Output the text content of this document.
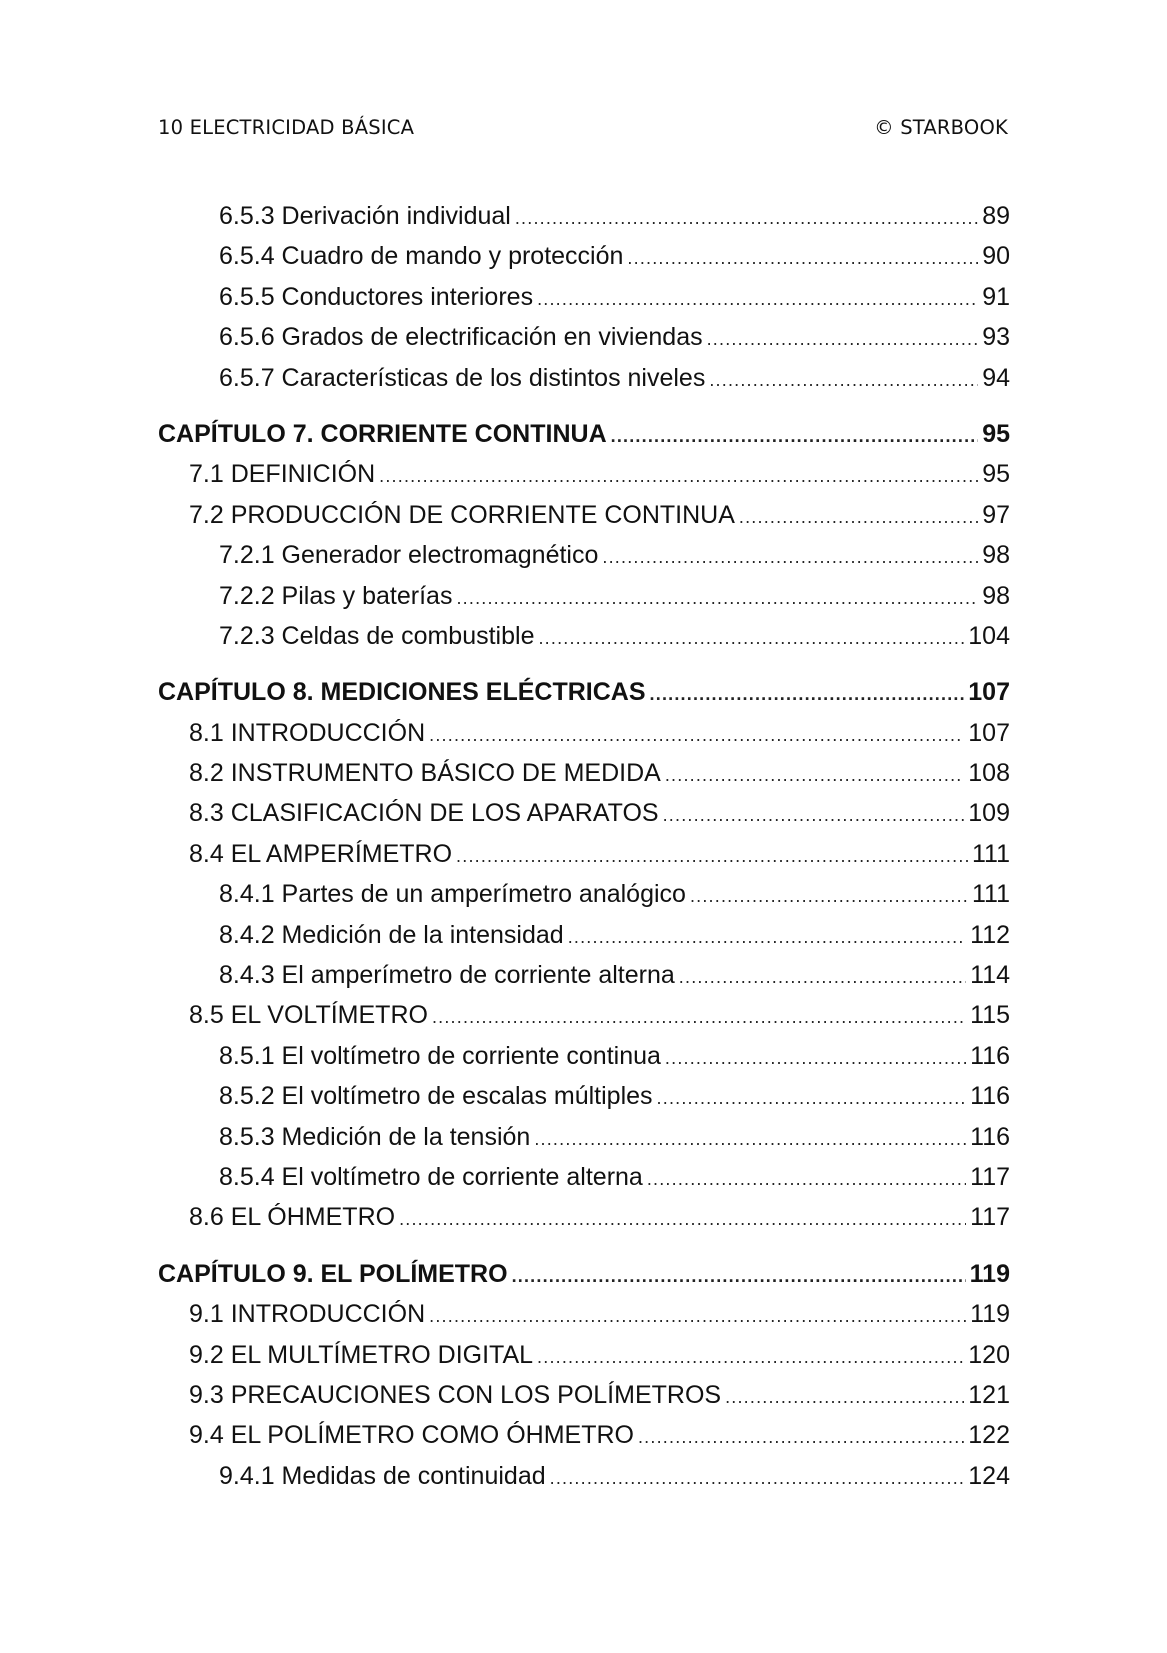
10 ELECTRICIDAD BÁSICA	© STARBOOK
6.5.3 Derivación individual .....	89
6.5.4 Cuadro de mando y protección .....	90
6.5.5 Conductores interiores .....	91
6.5.6 Grados de electrificación en viviendas .....	93
6.5.7 Características de los distintos niveles .....	94
CAPÍTULO 7. CORRIENTE CONTINUA .....	95
7.1 DEFINICIÓN .....	95
7.2 PRODUCCIÓN DE CORRIENTE CONTINUA .....	97
7.2.1 Generador electromagnético .....	98
7.2.2 Pilas y baterías .....	98
7.2.3 Celdas de combustible .....	104
CAPÍTULO 8. MEDICIONES ELÉCTRICAS .....	107
8.1 INTRODUCCIÓN .....	107
8.2 INSTRUMENTO BÁSICO DE MEDIDA .....	108
8.3 CLASIFICACIÓN DE LOS APARATOS .....	109
8.4 EL AMPERÍMETRO .....	111
8.4.1 Partes de un amperímetro analógico .....	111
8.4.2 Medición de la intensidad .....	112
8.4.3 El amperímetro de corriente alterna .....	114
8.5 EL VOLTÍMETRO .....	115
8.5.1 El voltímetro de corriente continua .....	116
8.5.2 El voltímetro de escalas múltiples .....	116
8.5.3 Medición de la tensión .....	116
8.5.4 El voltímetro de corriente alterna .....	117
8.6 EL ÓHMETRO .....	117
CAPÍTULO 9. EL POLÍMETRO .....	119
9.1 INTRODUCCIÓN .....	119
9.2 EL MULTÍMETRO DIGITAL .....	120
9.3 PRECAUCIONES CON LOS POLÍMETROS .....	121
9.4 EL POLÍMETRO COMO ÓHMETRO .....	122
9.4.1 Medidas de continuidad .....	124
